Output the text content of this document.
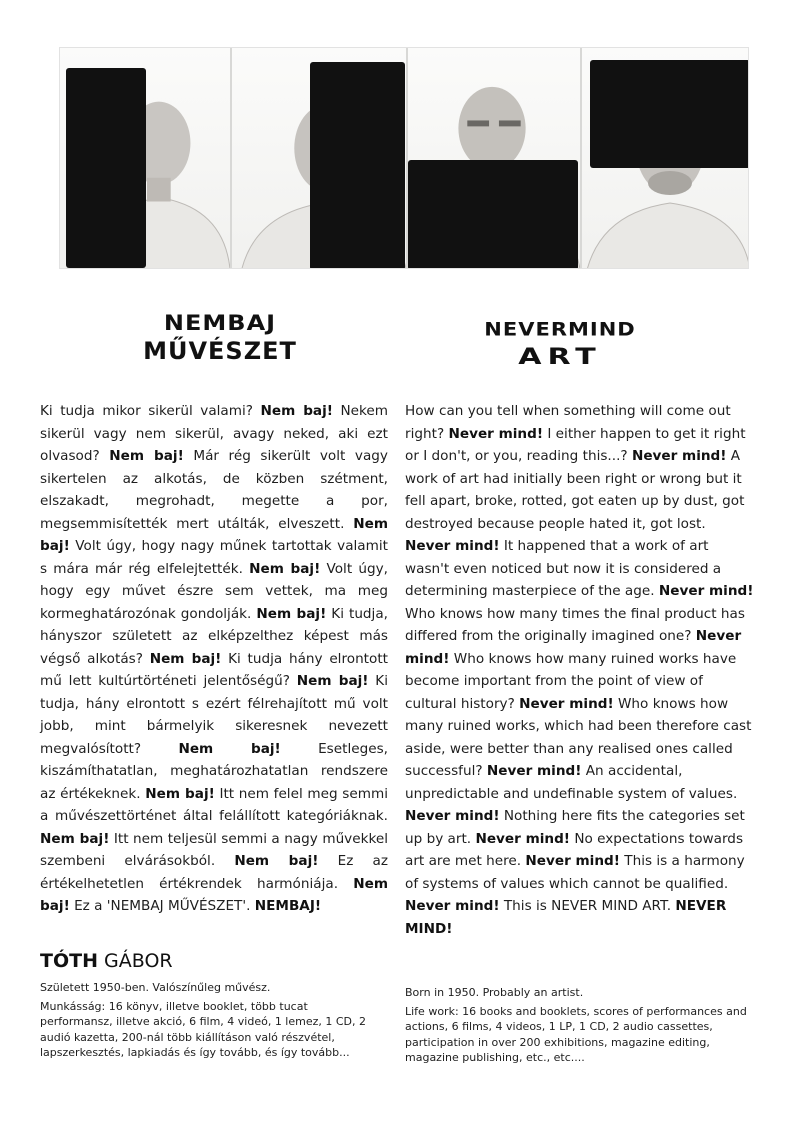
NEMBAJ
MŰVÉSZET
NEVERMIND
ART
Ki tudja mikor sikerül valami? Nem baj! Nekem sikerül vagy nem sikerül, avagy neked, aki ezt olvasod? Nem baj! Már rég sikerült volt vagy sikertelen az alkotás, de közben szétment, elszakadt, megrohadt, megette a por, megsemmisítették mert utálták, elveszett. Nem baj! Volt úgy, hogy nagy műnek tartottak valamit s mára már rég elfelejtették. Nem baj! Volt úgy, hogy egy művet észre sem vettek, ma meg kormeghatározónak gondolják. Nem baj! Ki tudja, hányszor született az elképzelthez képest más végső alkotás? Nem baj! Ki tudja hány elrontott mű lett kultúrtörténeti jelentőségű? Nem baj! Ki tudja, hány elrontott s ezért félrehajított mű volt jobb, mint bármelyik sikeresnek nevezett megvalósított? Nem baj! Esetleges, kiszámíthatatlan, meghatározhatatlan rendszere az értékeknek. Nem baj! Itt nem felel meg semmi a művészettörténet által felállított kategóriáknak. Nem baj! Itt nem teljesül semmi a nagy művekkel szembeni elvárásokból. Nem baj! Ez az értékelhetetlen értékrendek harmóniája. Nem baj! Ez a 'NEMBAJ MŰVÉSZET'. NEMBAJ!
How can you tell when something will come out right? Never mind! I either happen to get it right or I don't, or you, reading this...? Never mind! A work of art had initially been right or wrong but it fell apart, broke, rotted, got eaten up by dust, got destroyed because people hated it, got lost. Never mind! It happened that a work of art wasn't even noticed but now it is considered a determining masterpiece of the age. Never mind! Who knows how many times the final product has differed from the originally imagined one? Never mind! Who knows how many ruined works have become important from the point of view of cultural history? Never mind! Who knows how many ruined works, which had been therefore cast aside, were better than any realised ones called successful? Never mind! An accidental, unpredictable and undefinable system of values. Never mind! Nothing here fits the categories set up by art. Never mind! No expectations towards art are met here. Never mind! This is a harmony of systems of values which cannot be qualified. Never mind! This is NEVER MIND ART. NEVER MIND!
TÓTH GÁBOR

Született 1950-ben. Valószínűleg művész.

Munkásság: 16 könyv, illetve booklet, több tucat performansz, illetve akció, 6 film, 4 videó, 1 lemez, 1 CD, 2 audió kazetta, 200-nál több kiállításon való részvétel, lapszerkesztés, lapkiadás és így tovább, és így tovább...

Born in 1950. Probably an artist.

Life work: 16 books and booklets, scores of performances and actions, 6 films, 4 videos, 1 LP, 1 CD, 2 audio cassettes, participation in over 200 exhibitions, magazine editing, magazine publishing, etc., etc....
